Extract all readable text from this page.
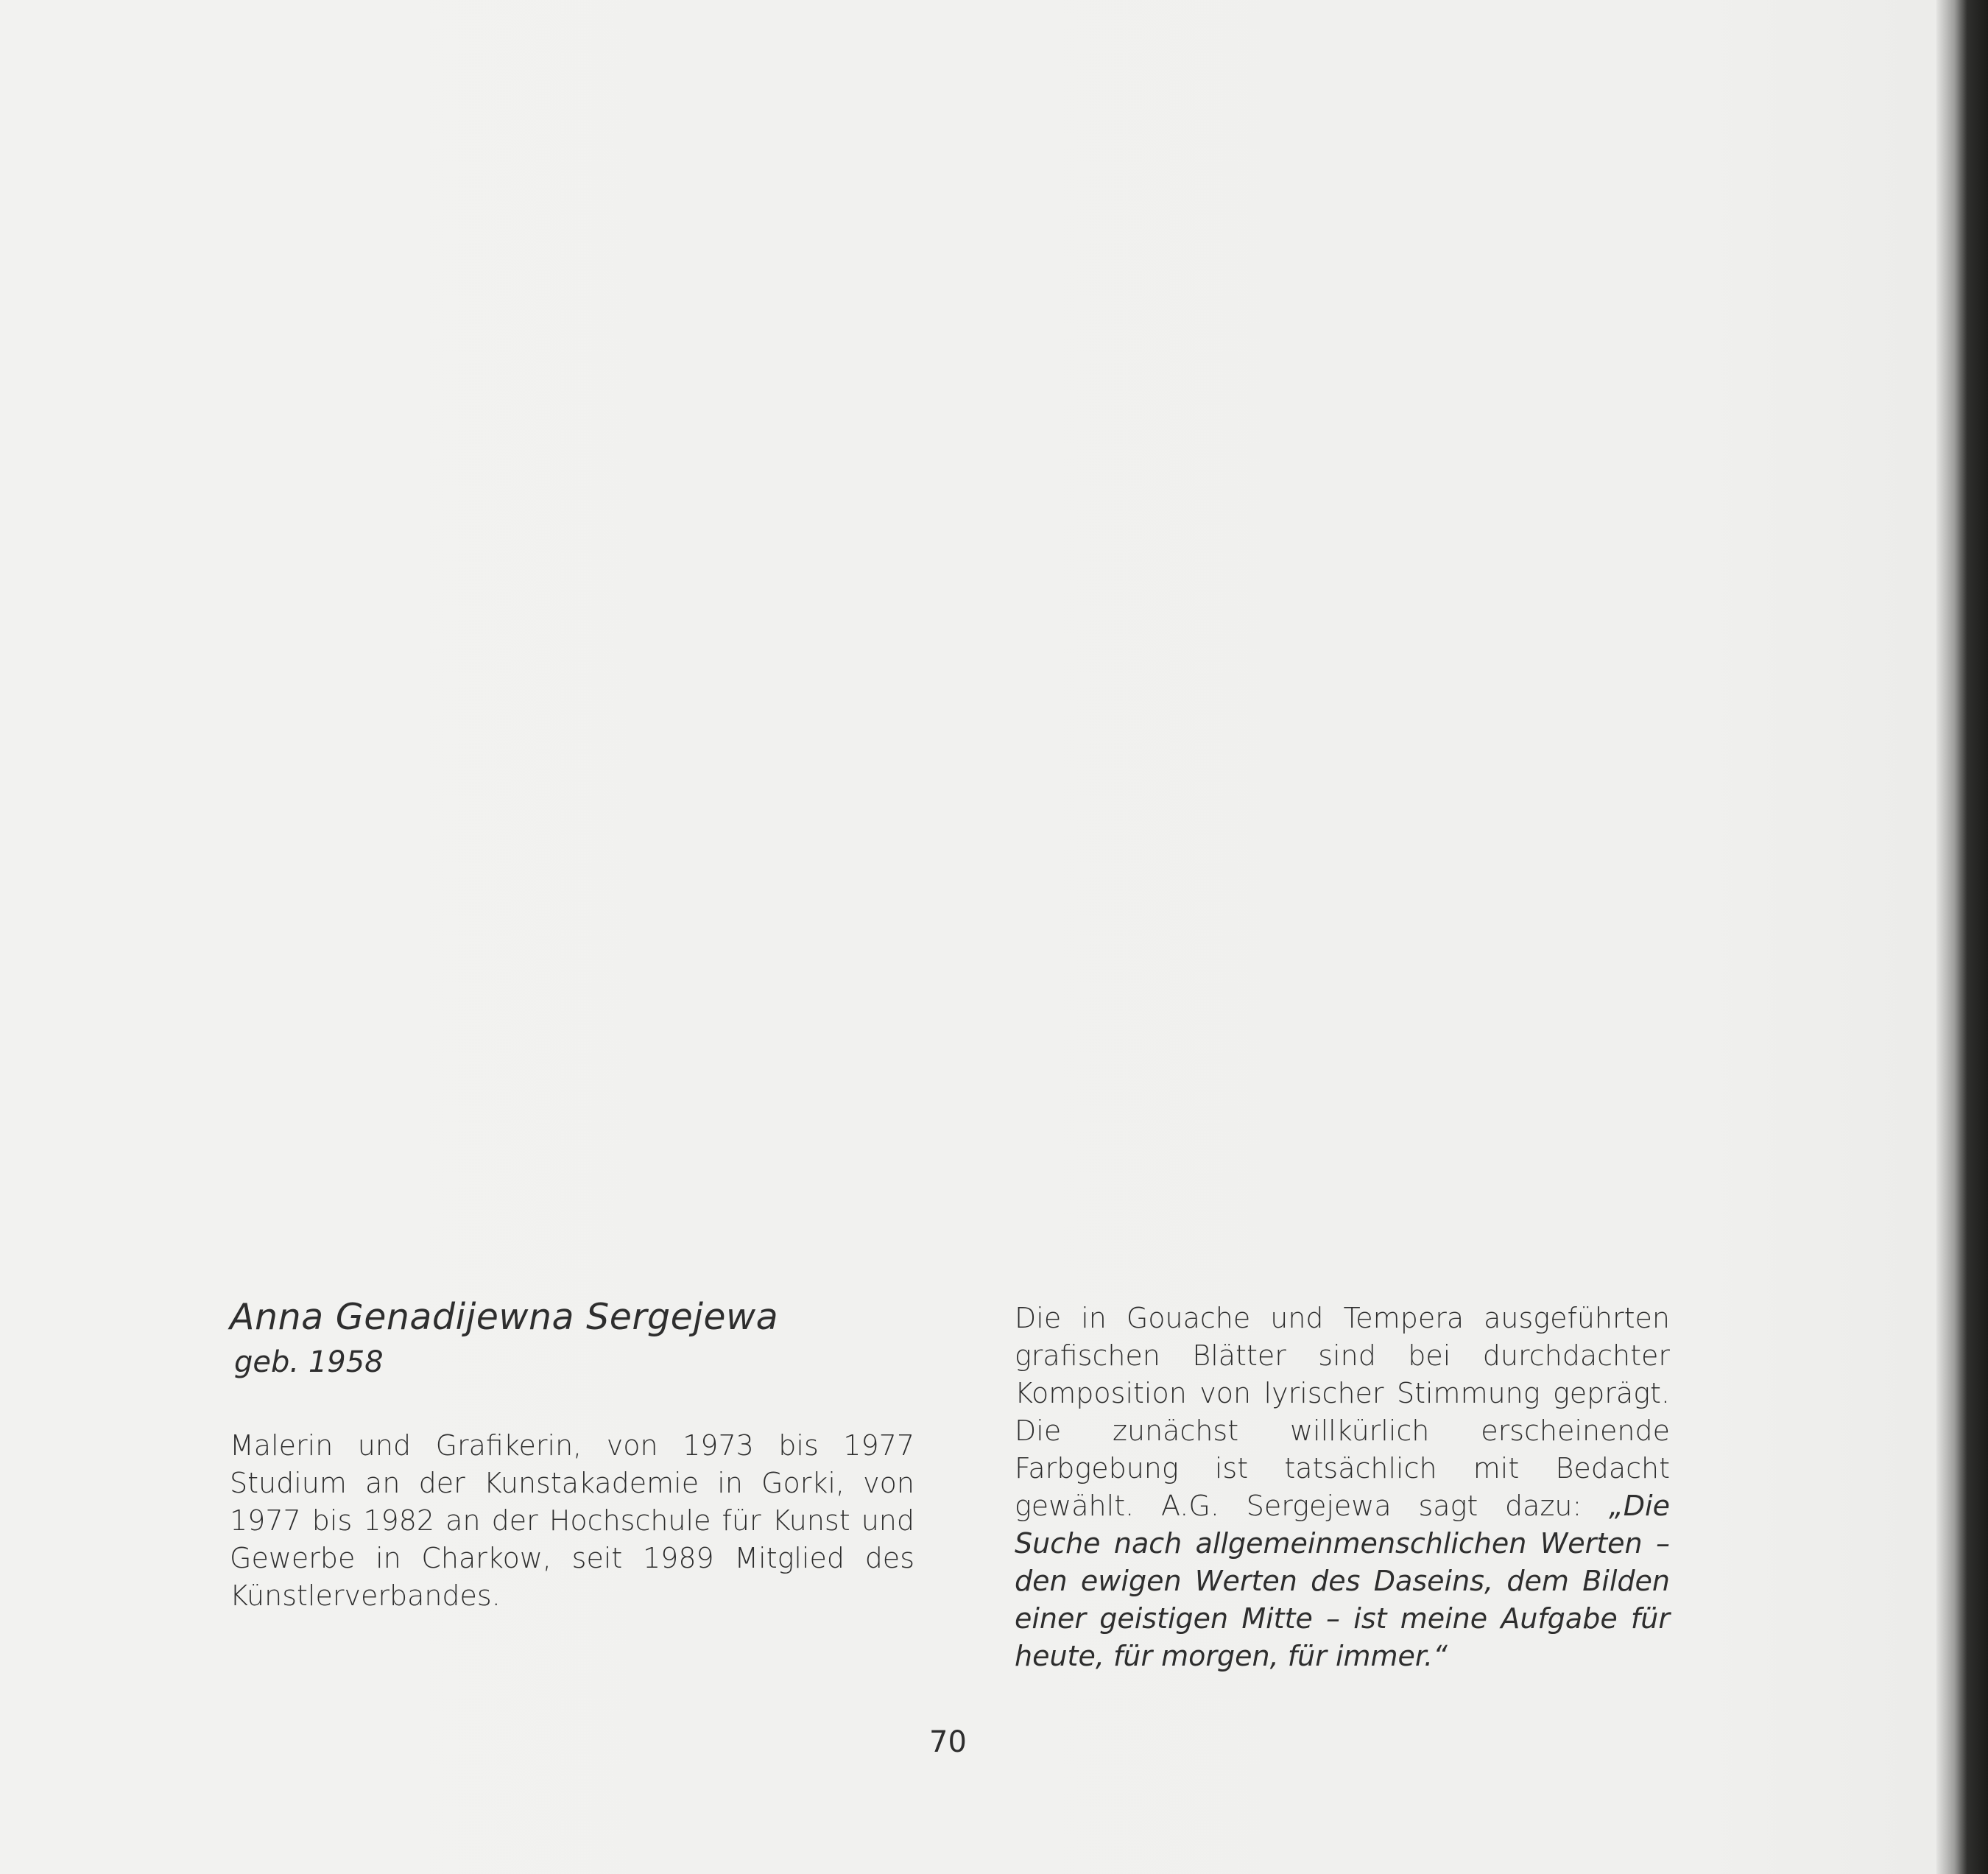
Anna Genadijewna Sergejewa
geb. 1958

Malerin und Grafikerin, von 1973 bis 1977 Studium an der Kunstakademie in Gorki, von 1977 bis 1982 an der Hochschule für Kunst und Gewerbe in Charkow, seit 1989 Mitglied des Künstlerverbandes.

Die in Gouache und Tempera ausgeführten grafischen Blätter sind bei durchdachter Komposition von lyrischer Stimmung geprägt. Die zunächst willkürlich erscheinende Farbgebung ist tatsächlich mit Bedacht gewählt. A.G. Sergejewa sagt dazu: „Die Suche nach allgemeinmenschlichen Werten – den ewigen Werten des Daseins, dem Bilden einer geistigen Mitte – ist meine Aufgabe für heute, für morgen, für immer.“

70
